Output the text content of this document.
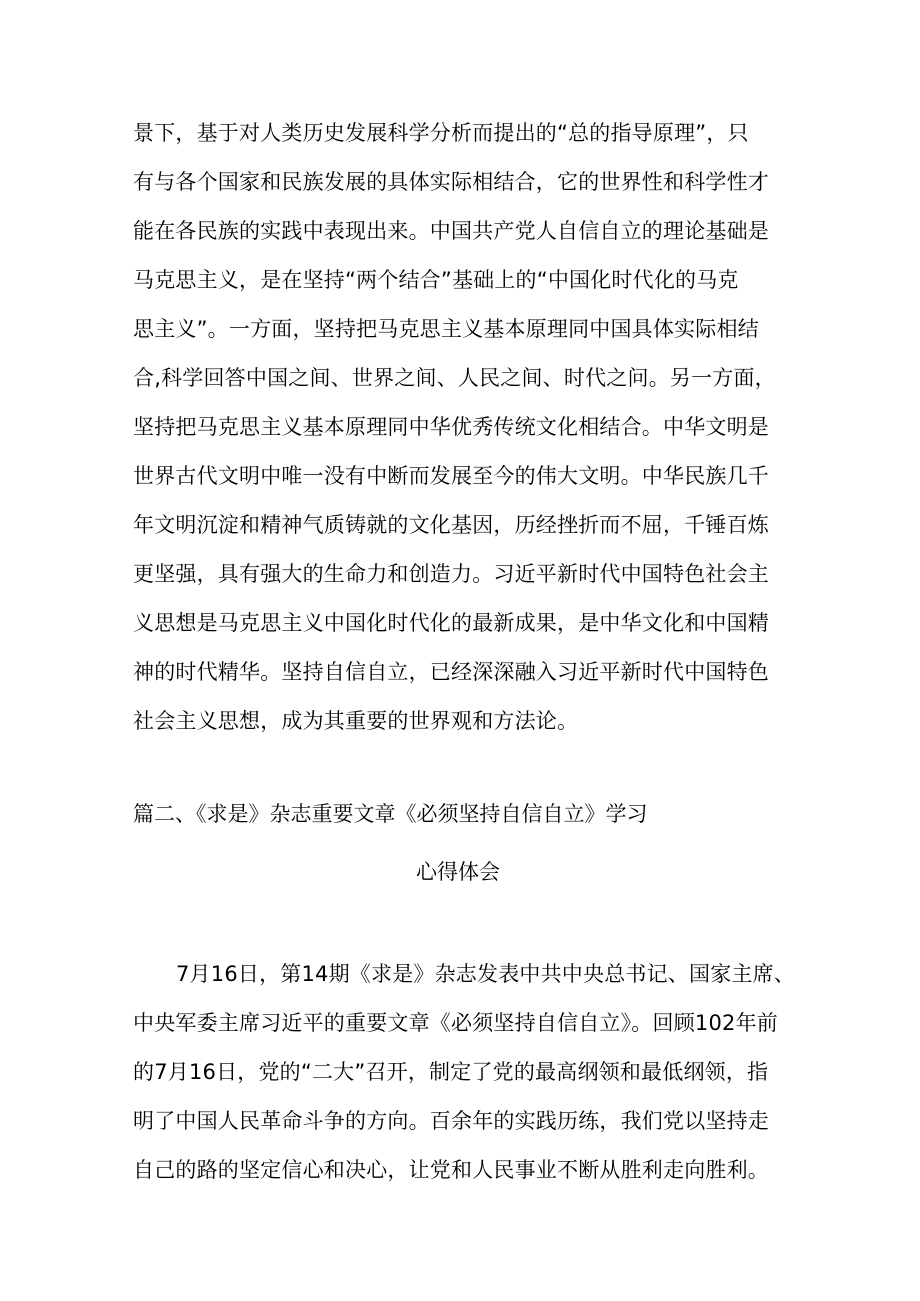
景下，基于对人类历史发展科学分析而提出的“总的指导原理”，只
有与各个国家和民族发展的具体实际相结合，它的世界性和科学性才
能在各民族的实践中表现出来。中国共产党人自信自立的理论基础是
马克思主义，是在坚持“两个结合”基础上的“中国化时代化的马克
思主义”。一方面，坚持把马克思主义基本原理同中国具体实际相结
合,科学回答中国之间、世界之间、人民之间、时代之问。另一方面，
坚持把马克思主义基本原理同中华优秀传统文化相结合。中华文明是
世界古代文明中唯一没有中断而发展至今的伟大文明。中华民族几千
年文明沉淀和精神气质铸就的文化基因，历经挫折而不屈，千锤百炼
更坚强，具有强大的生命力和创造力。习近平新时代中国特色社会主
义思想是马克思主义中国化时代化的最新成果，是中华文化和中国精
神的时代精华。坚持自信自立，已经深深融入习近平新时代中国特色
社会主义思想，成为其重要的世界观和方法论。
篇二、《求是》杂志重要文章《必须坚持自信自立》学习
心得体会
7月16日，第14期《求是》杂志发表中共中央总书记、国家主席、
中央军委主席习近平的重要文章《必须坚持自信自立》。回顾102年前
的7月16日，党的“二大”召开，制定了党的最高纲领和最低纲领，指
明了中国人民革命斗争的方向。百余年的实践历练，我们党以坚持走
自己的路的坚定信心和决心，让党和人民事业不断从胜利走向胜利。
